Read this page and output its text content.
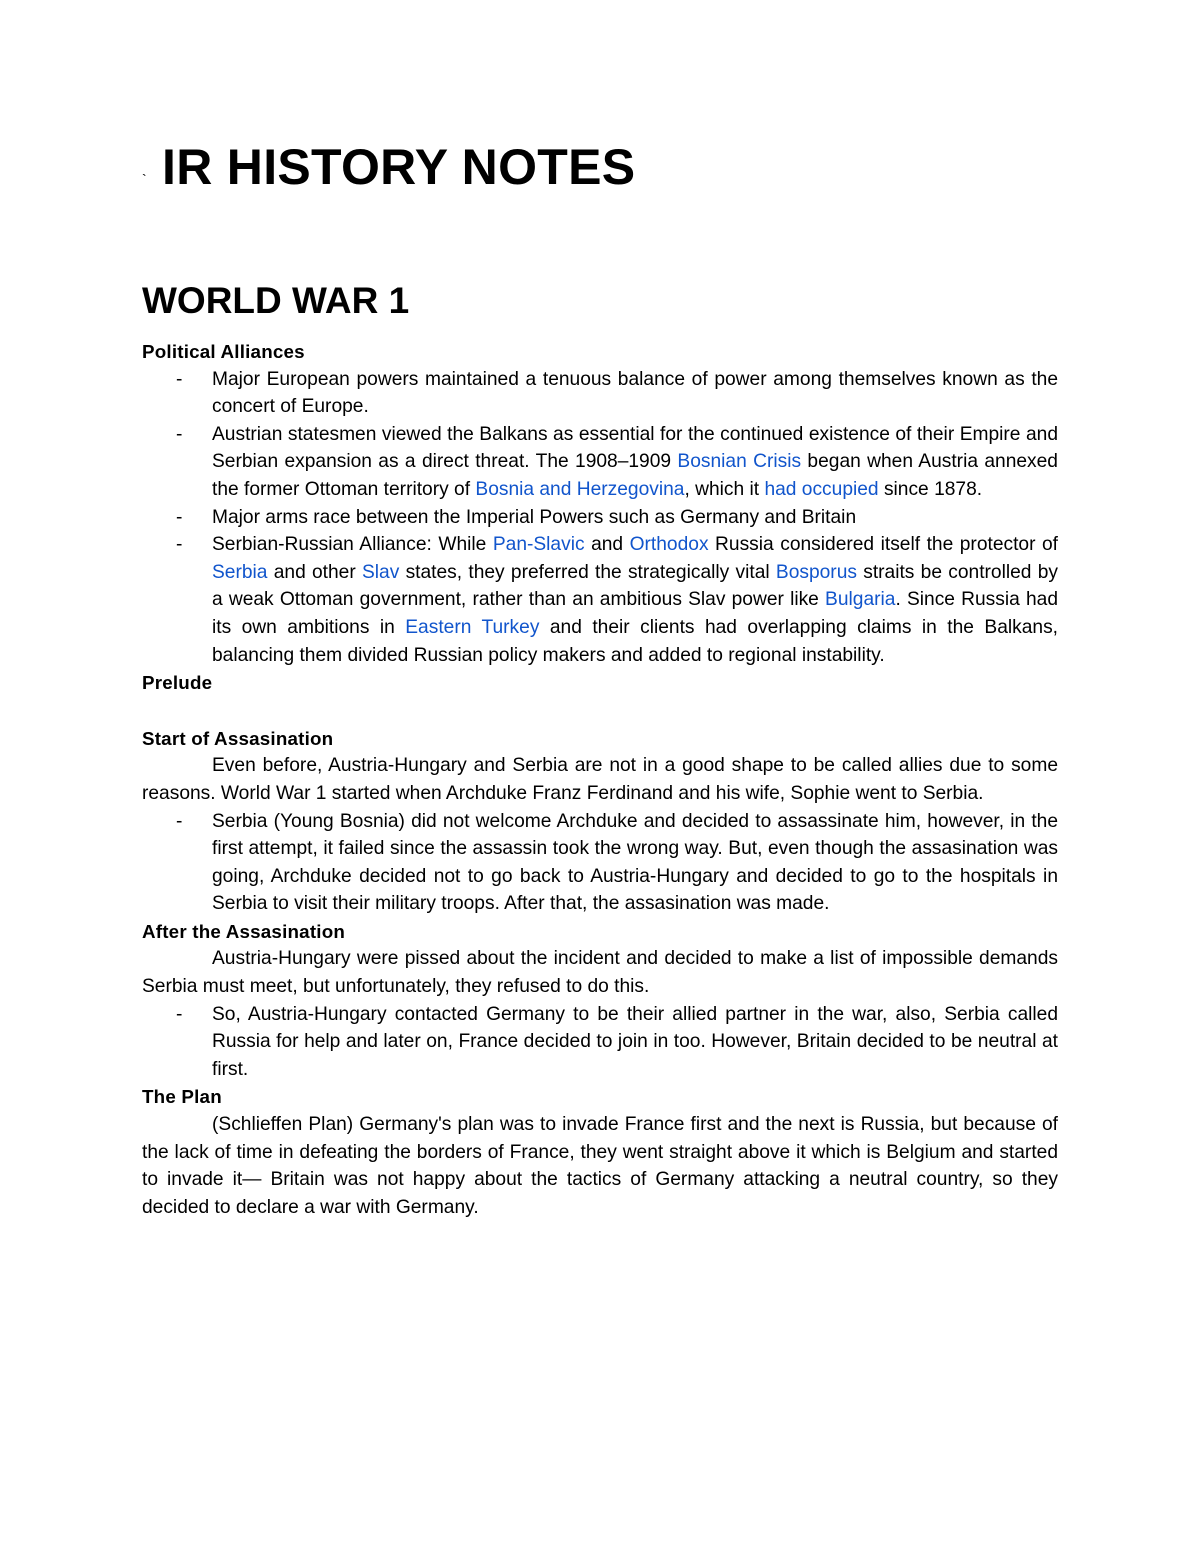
` IR HISTORY NOTES
WORLD WAR 1

Political Alliances

- Major European powers maintained a tenuous balance of power among themselves known as the concert of Europe.
- Austrian statesmen viewed the Balkans as essential for the continued existence of their Empire and Serbian expansion as a direct threat. The 1908–1909 Bosnian Crisis began when Austria annexed the former Ottoman territory of Bosnia and Herzegovina, which it had occupied since 1878.
- Major arms race between the Imperial Powers such as Germany and Britain
- Serbian-Russian Alliance: While Pan-Slavic and Orthodox Russia considered itself the protector of Serbia and other Slav states, they preferred the strategically vital Bosporus straits be controlled by a weak Ottoman government, rather than an ambitious Slav power like Bulgaria. Since Russia had its own ambitions in Eastern Turkey and their clients had overlapping claims in the Balkans, balancing them divided Russian policy makers and added to regional instability.

Prelude

Start of Assasination

Even before, Austria-Hungary and Serbia are not in a good shape to be called allies due to some reasons. World War 1 started when Archduke Franz Ferdinand and his wife, Sophie went to Serbia.

- Serbia (Young Bosnia) did not welcome Archduke and decided to assassinate him, however, in the first attempt, it failed since the assassin took the wrong way. But, even though the assasination was going, Archduke decided not to go back to Austria-Hungary and decided to go to the hospitals in Serbia to visit their military troops. After that, the assasination was made.

After the Assasination

Austria-Hungary were pissed about the incident and decided to make a list of impossible demands Serbia must meet, but unfortunately, they refused to do this.

- So, Austria-Hungary contacted Germany to be their allied partner in the war, also, Serbia called Russia for help and later on, France decided to join in too. However, Britain decided to be neutral at first.

The Plan

(Schlieffen Plan) Germany's plan was to invade France first and the next is Russia, but because of the lack of time in defeating the borders of France, they went straight above it which is Belgium and started to invade it— Britain was not happy about the tactics of Germany attacking a neutral country, so they decided to declare a war with Germany.
